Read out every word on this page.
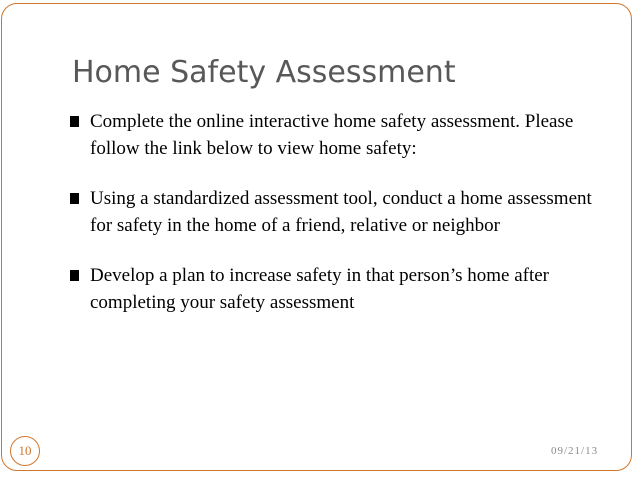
Home Safety Assessment
Complete the online interactive home safety assessment. Please follow the link below to view home safety:
Using a standardized assessment tool, conduct a home assessment for safety in the home of a friend, relative or neighbor
Develop a plan to increase safety in that person’s home after completing your safety assessment
10	09/21/13
